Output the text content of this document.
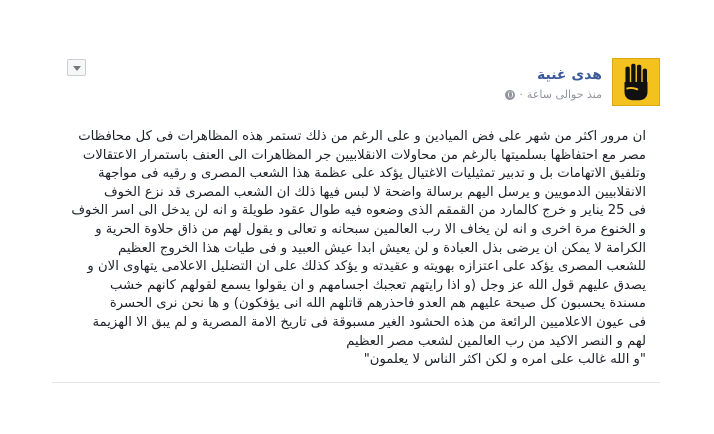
هدى غنية
منذ حوالى ساعة
·
ان مرور اكثر من شهر على فض الميادين و على الرغم من ذلك تستمر هذه المظاهرات فى كل محافظات
مصر مع احتفاظها بسلميتها بالرغم من محاولات الانقلابيين جر المظاهرات الى العنف باستمرار الاعتقالات
وتلفيق الاتهامات بل و تدبير تمثيليات الاغتيال يؤكد على عظمة هذا الشعب المصرى و رقيه فى مواجهة
الانقلابيين الدمويين و يرسل اليهم برسالة واضحة لا لبس فيها ذلك ان الشعب المصرى قد نزع الخوف
فى 25 يناير و خرج كالمارد من القمقم الذى وضعوه فيه طوال عقود طويلة و انه لن يدخل الى اسر الخوف
و الخنوع مرة اخرى و انه لن يخاف الا رب العالمين سبحانه و تعالى و يقول لهم من ذاق حلاوة الحرية و
الكرامة لا يمكن ان يرضى بذل العبادة و لن يعيش ابدا عيش العبيد و فى طيات هذا الخروج العظيم
للشعب المصرى يؤكد على اعتزازه بهويته و عقيدته و يؤكد كذلك على ان التضليل الاعلامى يتهاوى الان و
يصدق عليهم قول الله عز وجل (و اذا رايتهم تعجبك اجسامهم و ان يقولوا يسمع لقولهم كانهم خشب
مسندة يحسبون كل صيحة عليهم هم العدو فاحذرهم قاتلهم الله انى يؤفكون) و ها نحن نرى الحسرة
فى عيون الاعلاميين الرائعة من هذه الحشود الغير مسبوقة فى تاريخ الامة المصرية و لم يبق الا الهزيمة
لهم و النصر الاكيد من رب العالمين لشعب مصر العظيم
"و الله غالب على امره و لكن اكثر الناس لا يعلمون"
